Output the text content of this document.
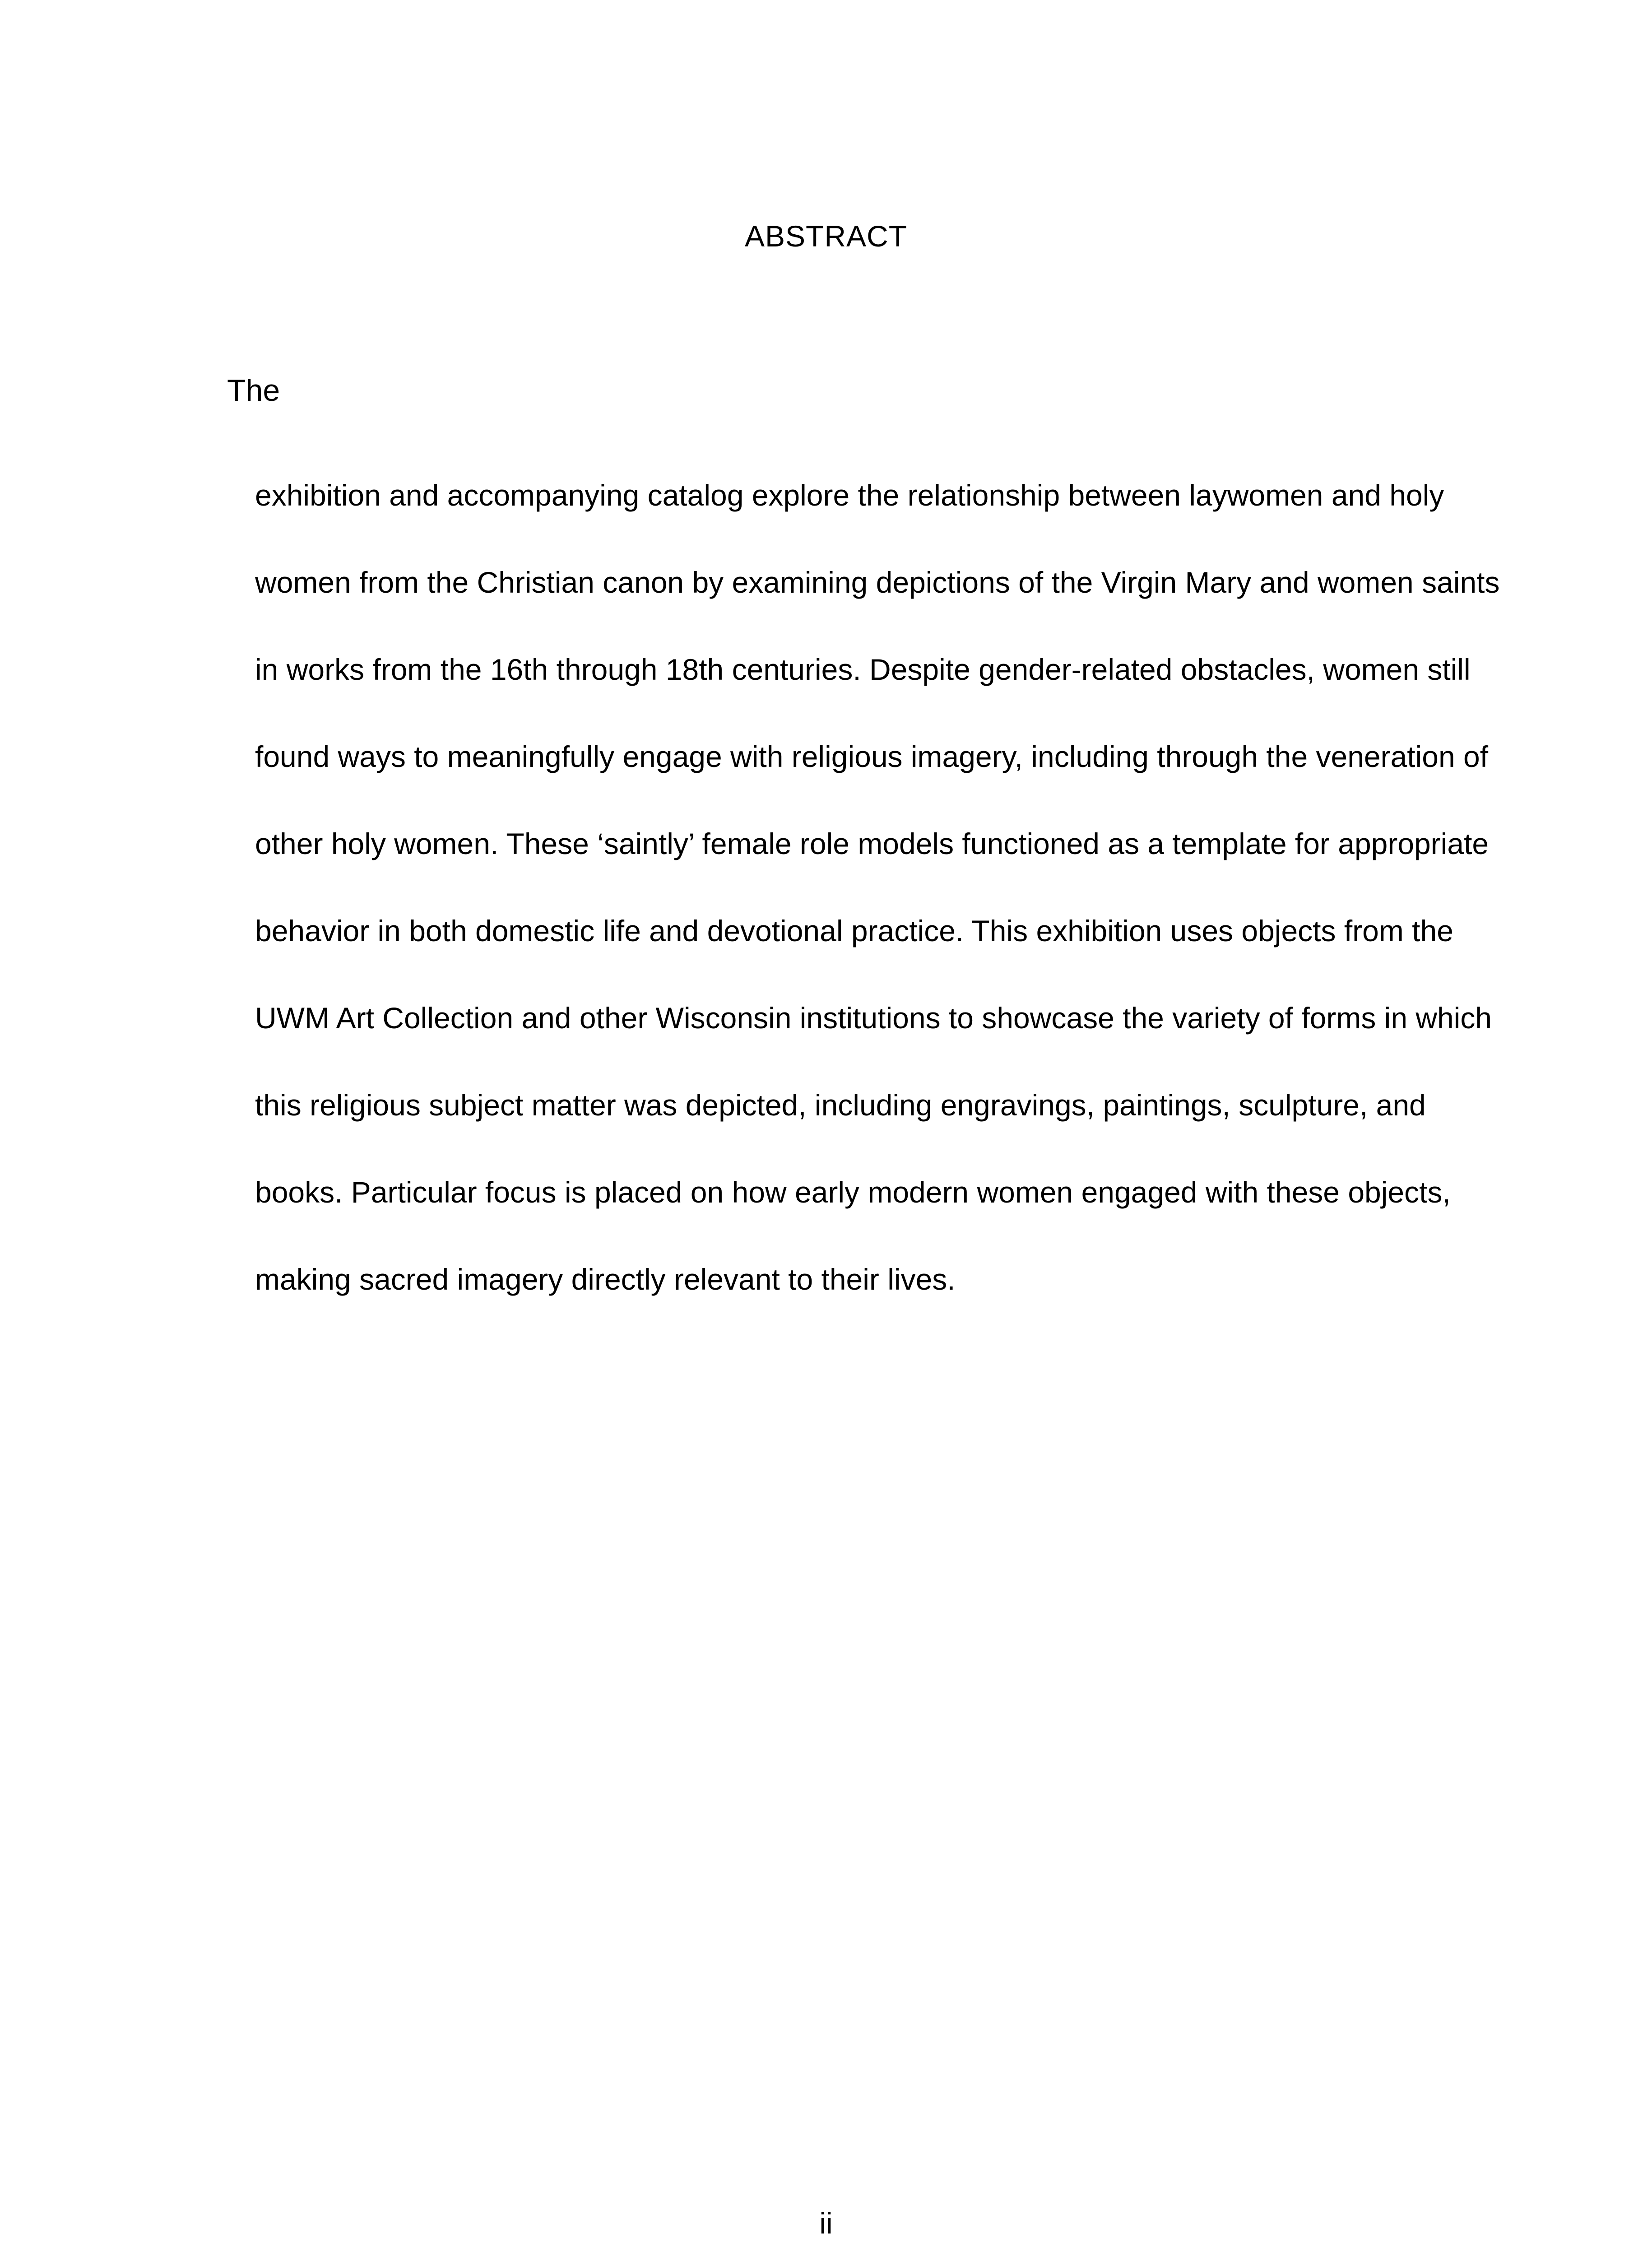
ABSTRACT
The
exhibition and accompanying catalog explore the relationship between laywomen and holy
women from the Christian canon by examining depictions of the Virgin Mary and women saints
in works from the 16th through 18th centuries. Despite gender-related obstacles, women still
found ways to meaningfully engage with religious imagery, including through the veneration of
other holy women. These ‘saintly’ female role models functioned as a template for appropriate
behavior in both domestic life and devotional practice. This exhibition uses objects from the
UWM Art Collection and other Wisconsin institutions to showcase the variety of forms in which
this religious subject matter was depicted, including engravings, paintings, sculpture, and
books. Particular focus is placed on how early modern women engaged with these objects,
making sacred imagery directly relevant to their lives.
ii
